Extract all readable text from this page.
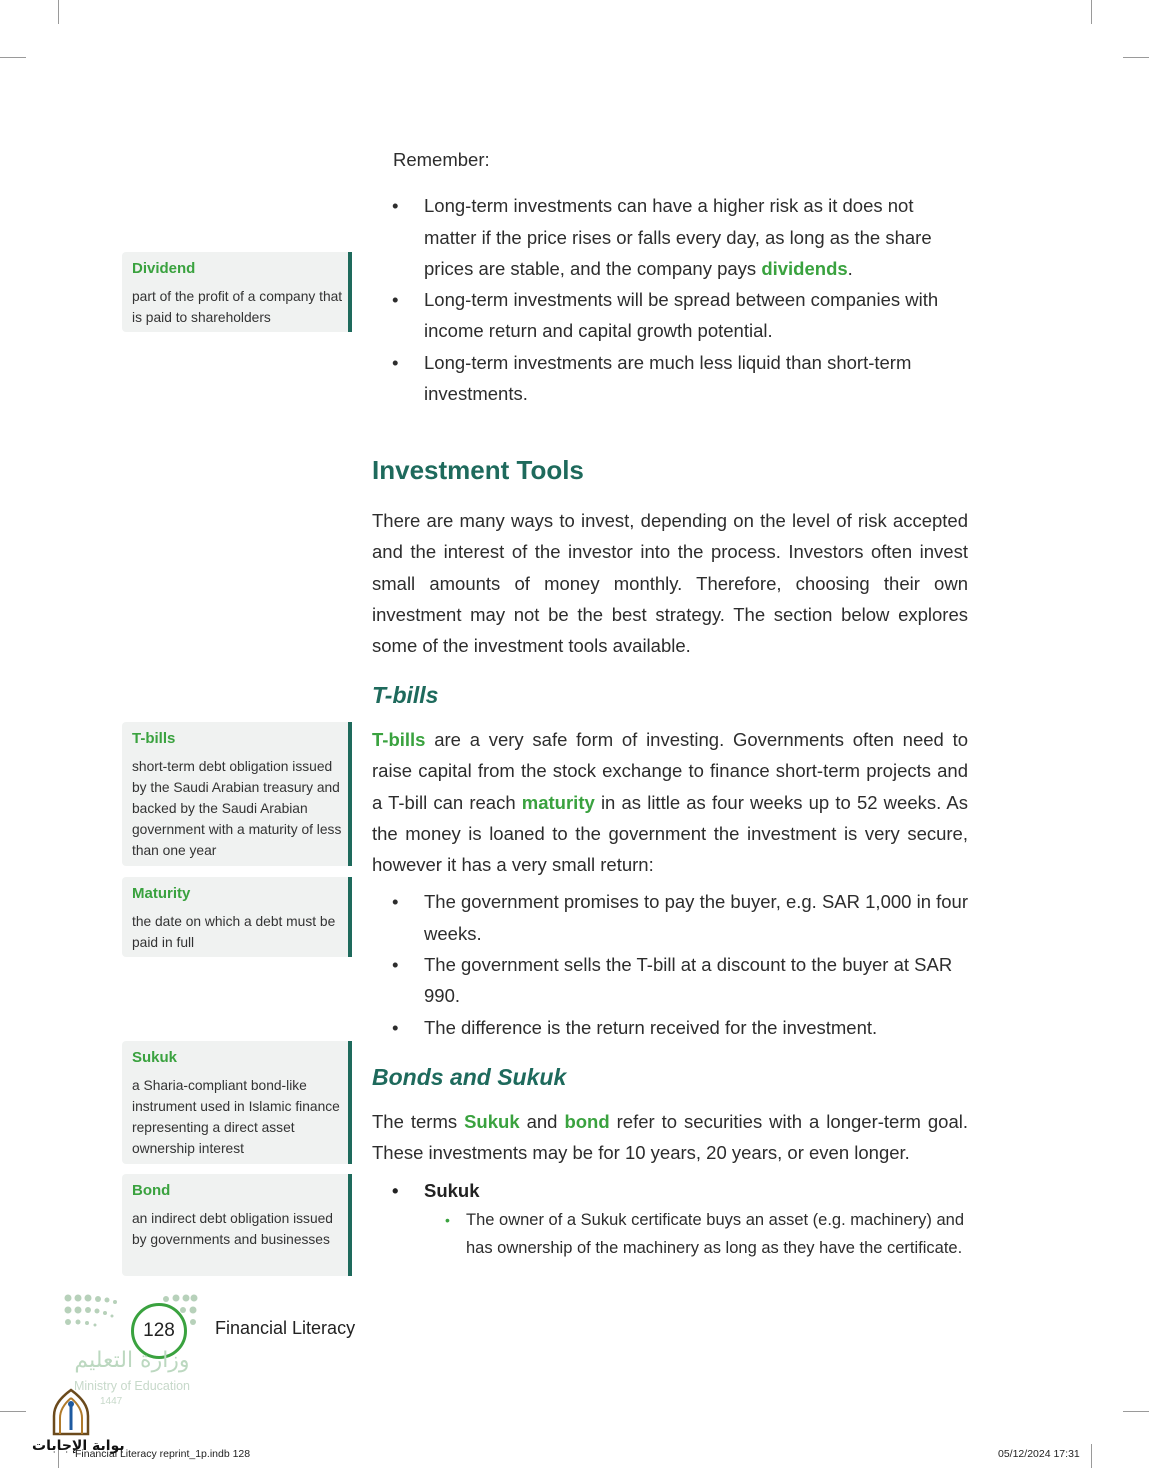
Remember:

• Long-term investments can have a higher risk as it does not matter if the price rises or falls every day, as long as the share prices are stable, and the company pays dividends.
• Long-term investments will be spread between companies with income return and capital growth potential.
• Long-term investments are much less liquid than short-term investments.
Investment Tools

There are many ways to invest, depending on the level of risk accepted and the interest of the investor into the process. Investors often invest small amounts of money monthly. Therefore, choosing their own investment may not be the best strategy. The section below explores some of the investment tools available.

T-bills

T-bills are a very safe form of investing. Governments often need to raise capital from the stock exchange to finance short-term projects and a T-bill can reach maturity in as little as four weeks up to 52 weeks. As the money is loaned to the government the investment is very secure, however it has a very small return:

• The government promises to pay the buyer, e.g. SAR 1,000 in four weeks.
• The government sells the T-bill at a discount to the buyer at SAR 990.
• The difference is the return received for the investment.
Bonds and Sukuk

The terms Sukuk and bond refer to securities with a longer-term goal. These investments may be for 10 years, 20 years, or even longer.

• Sukuk
• The owner of a Sukuk certificate buys an asset (e.g. machinery) and has ownership of the machinery as long as they have the certificate.

Dividend

part of the profit of a company that is paid to shareholders

T-bills

short-term debt obligation issued by the Saudi Arabian treasury and backed by the Saudi Arabian government with a maturity of less than one year

Maturity

the date on which a debt must be paid in full

Sukuk

a Sharia-compliant bond-like instrument used in Islamic finance representing a direct asset ownership interest

Bond

an indirect debt obligation issued by governments and businesses

128	Financial Literacy
وزارة التعليم
Ministry of Education
1447
بوابة الإجابات
Financial Literacy reprint_1p.indb 128	05/12/2024 17:31
